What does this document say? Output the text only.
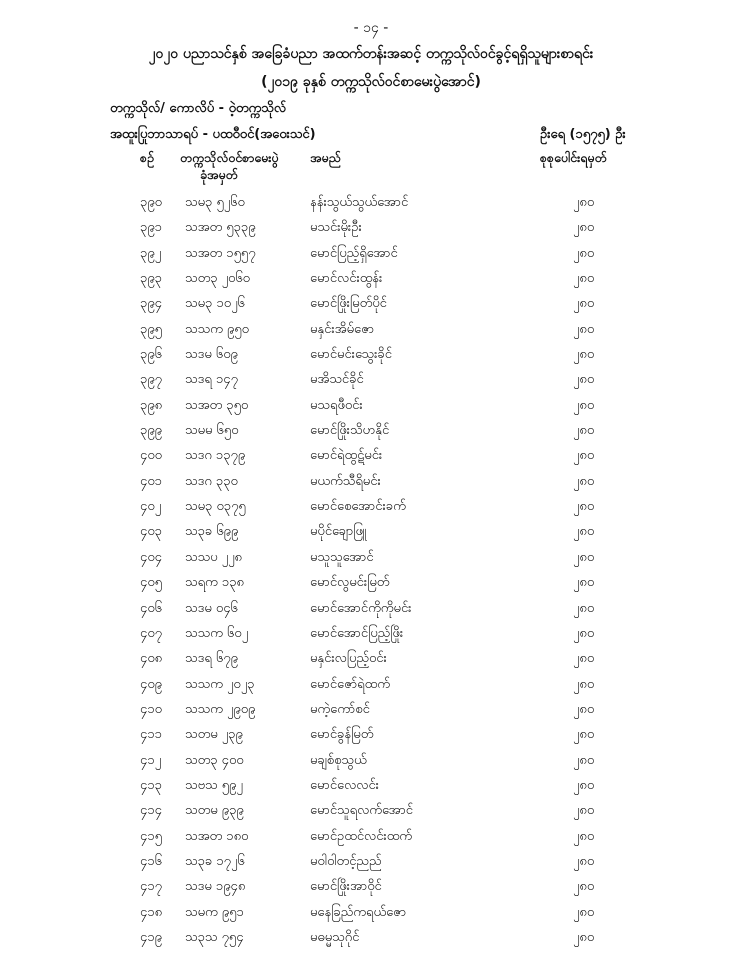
- ၁၄ -
၂၀၂၀ ပညာသင်နှစ် အခြေခံပညာ အထက်တန်းအဆင့် တက္ကသိုလ်ဝင်ခွင့်ရရှိသူများစာရင်း
(၂၀၁၉ ခုနှစ် တက္ကသိုလ်ဝင်စာမေးပွဲအောင်)
တက္ကသိုလ်/ ကောလိပ် - ဝဲ့တက္ကသိုလ်
အထူးပြုဘာသာရပ် - ပထဝီဝင်(အဝေးသင်)	ဦးရေ (၁၅၇၅) ဦး
စဉ် တက္ကသိုလ်ဝင်စာမေးပွဲ
ခုံအမှတ်
အမည်	စုစုပေါင်းရမှတ်
၃၉၀ သမ၃ ၅၂၆၀	နန်းသွယ်သွယ်အောင်	၂၈၀
၃၉၁ သအတ ၅၃၃၉	မသင်းမိုးဦး	၂၈၀
၃၉၂ သအတ ၁၅၅၇	မောင်ပြည့်ရှိအောင်	၂၈၀
၃၉၃ သတ၃ ၂၀၆၀	မောင်လင်းထွန်း	၂၈၀
၃၉၄ သမ၃ ၁၀၂၆	မောင်ဖြိုးမြတ်ပိုင်	၂၈၀
၃၉၅ သသက ၉၅၀	မနှင်းအိမ်ဇော	၂၈၀
၃၉၆ သဒမ ၆၀၉	မောင်မင်းသွေးခိုင်	၂၈၀
၃၉၇ သဒရ ၁၄၇	မအိသင်ခိုင်	၂၈၀
၃၉၈ သအတ ၃၅၀	မသရဖီဝင်း	၂၈၀
၃၉၉ သမမ ၆၅၀	မောင်ဖြိုးသိဟနိုင်	၂၈၀
၄၀၀ သဒဂ ၁၃၇၉	မောင်ရဲထွဋ်မင်း	၂၈၀
၄၀၁ သဒဂ ၃၃၀	မယက်သီရိမင်း	၂၈၀
၄၀၂ သမ၃ ၀၃၇၅	မောင်စေအောင်းခက်	၂၈၀
၄၀၃ သ၃ခ ၆၉၉	မပိုင်ချောဖြူ	၂၈၀
၄၀၄ သသပ ၂၂၈	မသူသူအောင်	၂၈၀
၄၀၅ သရက ၁၃၈	မောင်လွမင်းမြတ်	၂၈၀
၄၀၆ သဒမ ၀၄၆	မောင်အောင်ကိုကိုမင်း	၂၈၀
၄၀၇ သသက ၆၀၂	မောင်အောင်ပြည့်ဖြိုး	၂၈၀
၄၀၈ သဒရ ၆၇၉	မနှင်းလပြည့်ဝင်း	၂၈၀
၄၀၉ သသက ၂၀၂၃	မောင်ဇော်ရဲထက်	၂၈၀
၄၁၀ သသက ၂၉၀၉	မကဲ့ကော်စင်	၂၈၀
၄၁၁ သတမ ၂၃၉	မောင်ခွန်မြတ်	၂၈၀
၄၁၂ သတ၃ ၄၀၀	မချစ်စုသွယ်	၂၈၀
၄၁၃ သဗသ ၅၉၂	မောင်လေလင်း	၂၈၀
၄၁၄ သတမ ၉၃၉	မောင်သူရလက်အောင်	၂၈၀
၄၁၅ သအတ ၁၈၀	မောင်ဥထင်လင်းထက်	၂၈၀
၄၁၆ သ၃ခ ၁၇၂၆	မဝါဝါတင့်ညည်	၂၈၀
၄၁၇ သဒမ ၁၉၄၈	မောင်ဖြိုးအာဝိုင်	၂၈၀
၄၁၈ သမက ၉၅၁	မနေခြည်ကရယ်ဇော	၂၈၀
၄၁၉ သ၃သ ၇၅၄	မဓမ္မသုဂိုင်	၂၈၀
